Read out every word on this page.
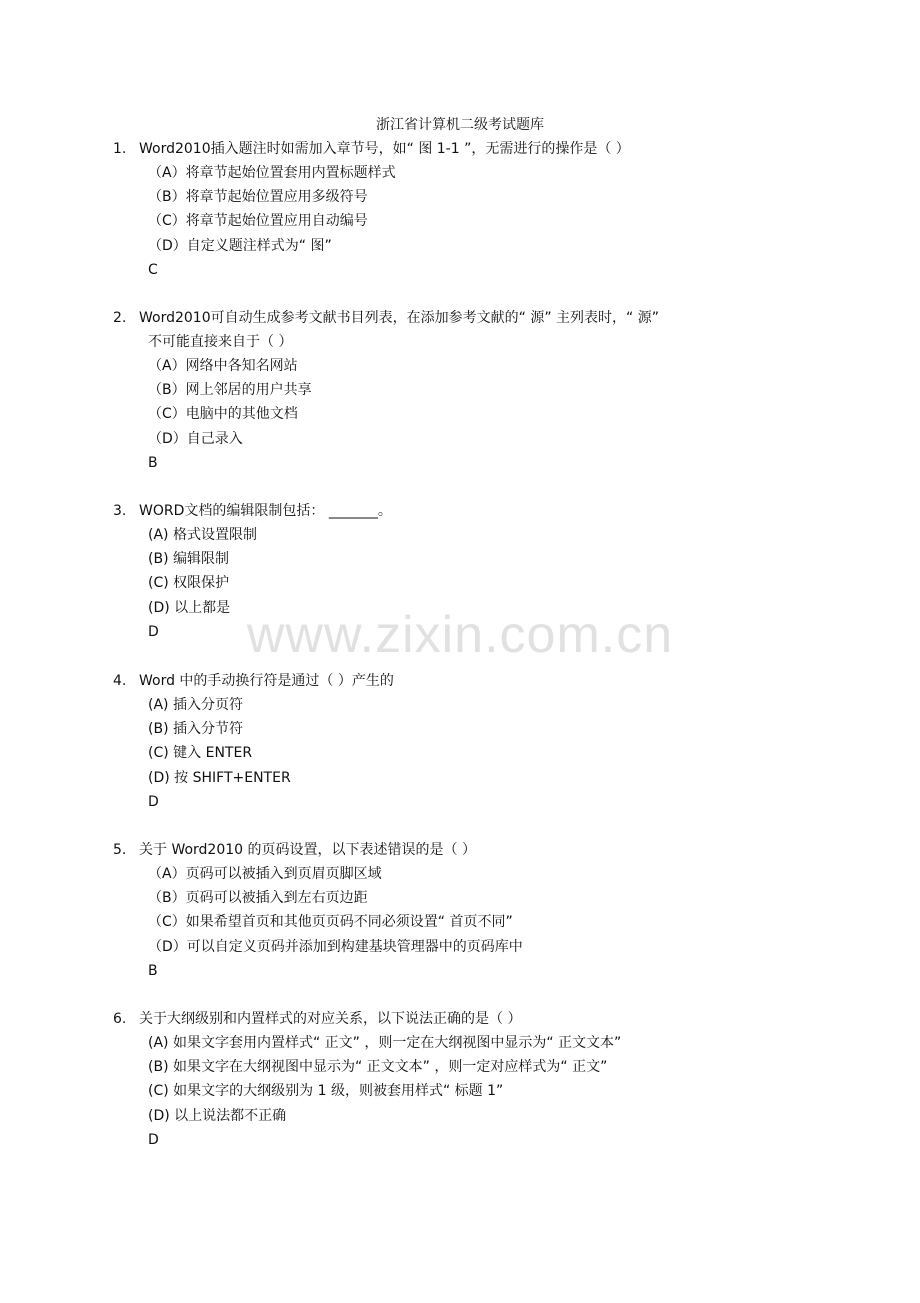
www.zixin.com.cn
浙江省计算机二级考试题库
1. Word2010插入题注时如需加入章节号，如“ 图 1-1 ”，无需进行的操作是（ ）
（A）将章节起始位置套用内置标题样式
（B）将章节起始位置应用多级符号
（C）将章节起始位置应用自动编号
（D）自定义题注样式为“ 图”
C
2. Word2010可自动生成参考文献书目列表，在添加参考文献的“ 源” 主列表时，“ 源”
不可能直接来自于（ ）
（A）网络中各知名网站
（B）网上邻居的用户共享
（C）电脑中的其他文档
（D）自己录入
B
3. WORD文档的编辑限制包括： _______。
(A) 格式设置限制
(B) 编辑限制
(C) 权限保护
(D) 以上都是
D
4. Word 中的手动换行符是通过（ ）产生的
(A) 插入分页符
(B) 插入分节符
(C) 键入 ENTER
(D) 按 SHIFT+ENTER
D
5. 关于 Word2010 的页码设置，以下表述错误的是（ ）
（A）页码可以被插入到页眉页脚区域
（B）页码可以被插入到左右页边距
（C）如果希望首页和其他页页码不同必须设置“ 首页不同”
（D）可以自定义页码并添加到构建基块管理器中的页码库中
B
6. 关于大纲级别和内置样式的对应关系，以下说法正确的是（ ）
(A) 如果文字套用内置样式“ 正文” ，则一定在大纲视图中显示为“ 正文文本”
(B) 如果文字在大纲视图中显示为“ 正文文本” ，则一定对应样式为“ 正文”
(C) 如果文字的大纲级别为 1 级，则被套用样式“ 标题 1”
(D) 以上说法都不正确
D
